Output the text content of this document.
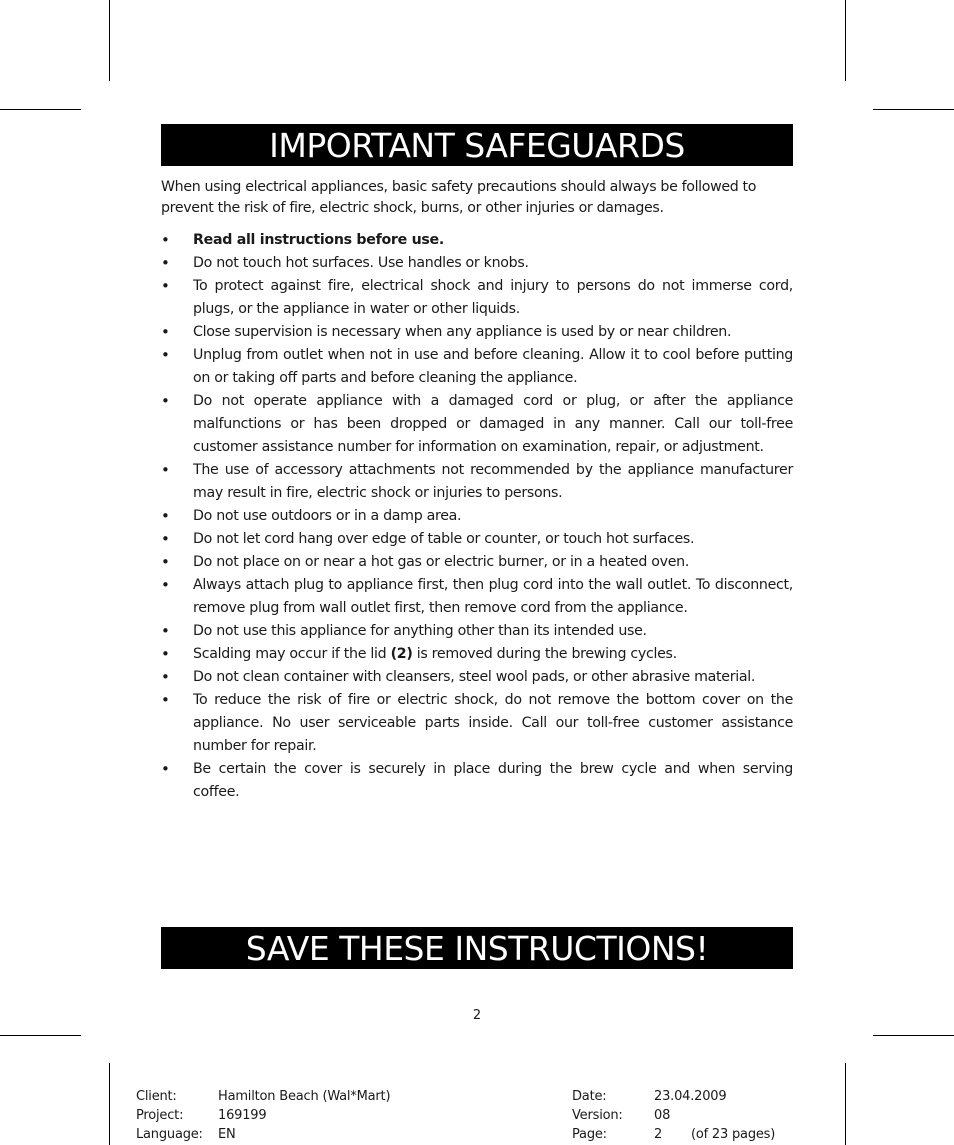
IMPORTANT SAFEGUARDS
When using electrical appliances, basic safety precautions should always be followed to prevent the risk of fire, electric shock, burns, or other injuries or damages.
•	Read all instructions before use.
•	Do not touch hot surfaces. Use handles or knobs.
•	To protect against fire, electrical shock and injury to persons do not immerse cord, plugs, or the appliance in water or other liquids.
•	Close supervision is necessary when any appliance is used by or near children.
•	Unplug from outlet when not in use and before cleaning. Allow it to cool before putting on or taking off parts and before cleaning the appliance.
•	Do not operate appliance with a damaged cord or plug, or after the appliance malfunctions or has been dropped or damaged in any manner. Call our toll-free customer assistance number for information on examination, repair, or adjustment.
•	The use of accessory attachments not recommended by the appliance manufacturer may result in fire, electric shock or injuries to persons.
•	Do not use outdoors or in a damp area.
•	Do not let cord hang over edge of table or counter, or touch hot surfaces.
•	Do not place on or near a hot gas or electric burner, or in a heated oven.
•	Always attach plug to appliance first, then plug cord into the wall outlet. To disconnect, remove plug from wall outlet first, then remove cord from the appliance.
•	Do not use this appliance for anything other than its intended use.
•	Scalding may occur if the lid (2) is removed during the brewing cycles.
•	Do not clean container with cleansers, steel wool pads, or other abrasive material.
•	To reduce the risk of fire or electric shock, do not remove the bottom cover on the appliance. No user serviceable parts inside. Call our toll-free customer assistance number for repair.
•	Be certain the cover is securely in place during the brew cycle and when serving coffee.
SAVE THESE INSTRUCTIONS!
2
Client:	Hamilton Beach (Wal*Mart)
Project:	169199
Language:	EN
Date:	23.04.2009
Version:	08
Page:	2	(of 23 pages)
